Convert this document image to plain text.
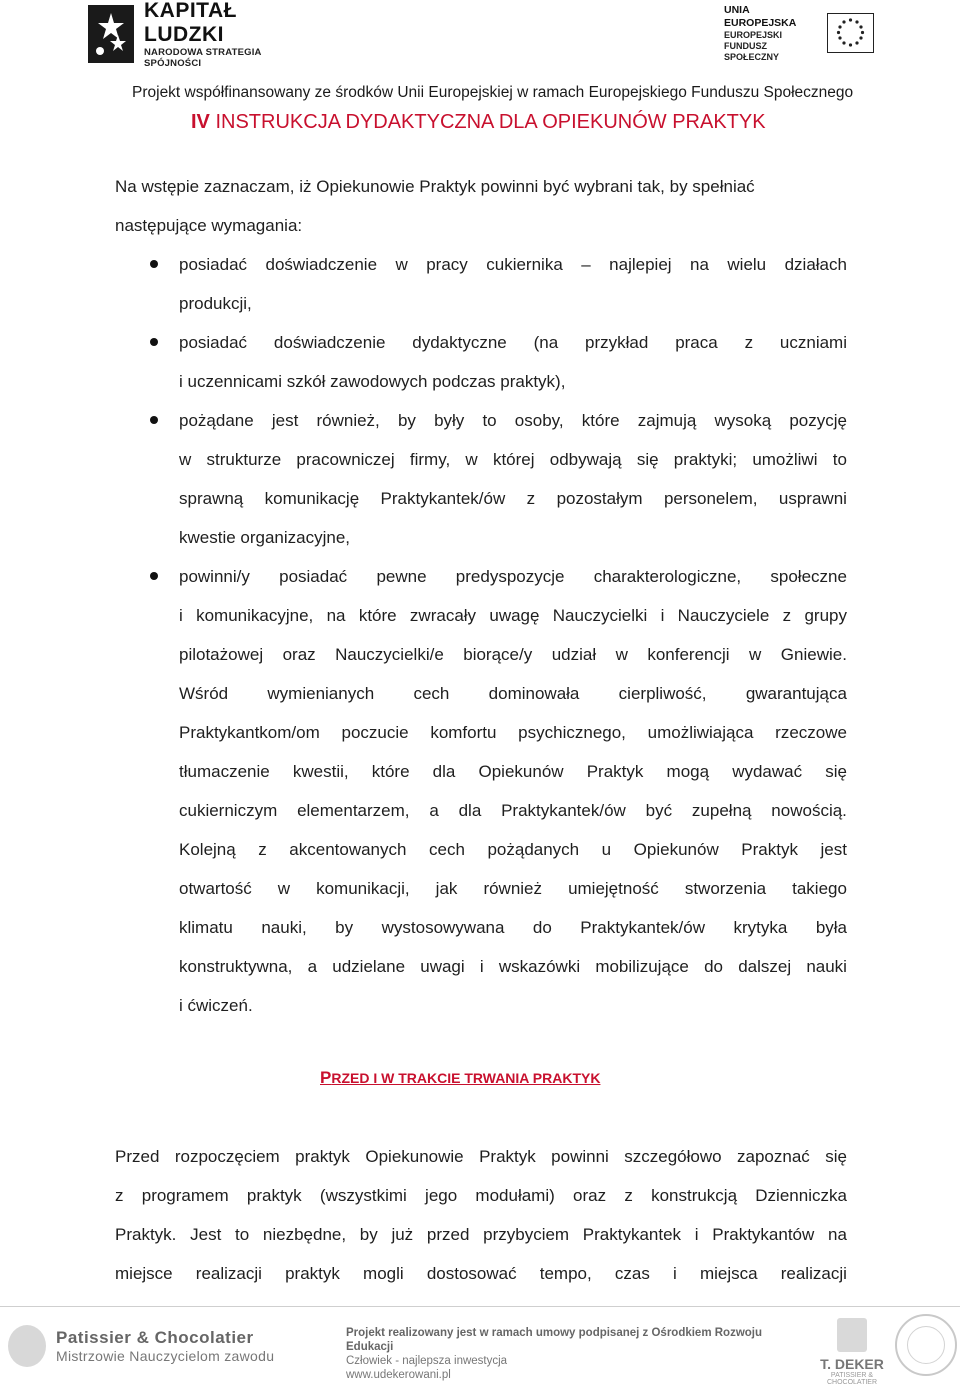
KAPITAŁ LUDZKI
NARODOWA STRATEGIA SPÓJNOŚCI
UNIA EUROPEJSKA
EUROPEJSKI
FUNDUSZ SPOŁECZNY
Projekt współfinansowany ze środków Unii Europejskiej w ramach Europejskiego Funduszu Społecznego
IV INSTRUKCJA DYDAKTYCZNA DLA OPIEKUNÓW PRAKTYK
Na wstępie zaznaczam, iż Opiekunowie Praktyk powinni być wybrani tak, by spełniać
następujące wymagania:
posiadać doświadczenie w pracy cukiernika – najlepiej na wielu działach
produkcji,
posiadać doświadczenie dydaktyczne (na przykład praca z uczniami
i uczennicami szkół zawodowych podczas praktyk),
pożądane jest również, by były to osoby, które zajmują wysoką pozycję
w strukturze pracowniczej firmy, w której odbywają się praktyki; umożliwi to
sprawną komunikację Praktykantek/ów z pozostałym personelem, usprawni
kwestie organizacyjne,
powinni/y posiadać pewne predyspozycje charakterologiczne, społeczne
i komunikacyjne, na które zwracały uwagę Nauczycielki i Nauczyciele z grupy
pilotażowej oraz Nauczycielki/e biorące/y udział w konferencji w Gniewie.
Wśród wymienianych cech dominowała cierpliwość, gwarantująca
Praktykantkom/om poczucie komfortu psychicznego, umożliwiająca rzeczowe
tłumaczenie kwestii, które dla Opiekunów Praktyk mogą wydawać się
cukierniczym elementarzem, a dla Praktykantek/ów być zupełną nowością.
Kolejną z akcentowanych cech pożądanych u Opiekunów Praktyk jest
otwartość w komunikacji, jak również umiejętność stworzenia takiego
klimatu nauki, by wystosowywana do Praktykantek/ów krytyka była
konstruktywna, a udzielane uwagi i wskazówki mobilizujące do dalszej nauki
i ćwiczeń.
PRZED I W TRAKCIE TRWANIA PRAKTYK
Przed rozpoczęciem praktyk Opiekunowie Praktyk powinni szczegółowo zapoznać się
z programem praktyk (wszystkimi jego modułami) oraz z konstrukcją Dzienniczka
Praktyk. Jest to niezbędne, by już przed przybyciem Praktykantek i Praktykantów na
miejsce realizacji praktyk mogli dostosować tempo, czas i miejsca realizacji
Patissier & Chocolatier
Mistrzowie Nauczycielom zawodu
Projekt realizowany jest w ramach umowy podpisanej z Ośrodkiem Rozwoju Edukacji
Człowiek - najlepsza inwestycja
www.udekerowani.pl
T. DEKER
PATISSIER & CHOCOLATIER
